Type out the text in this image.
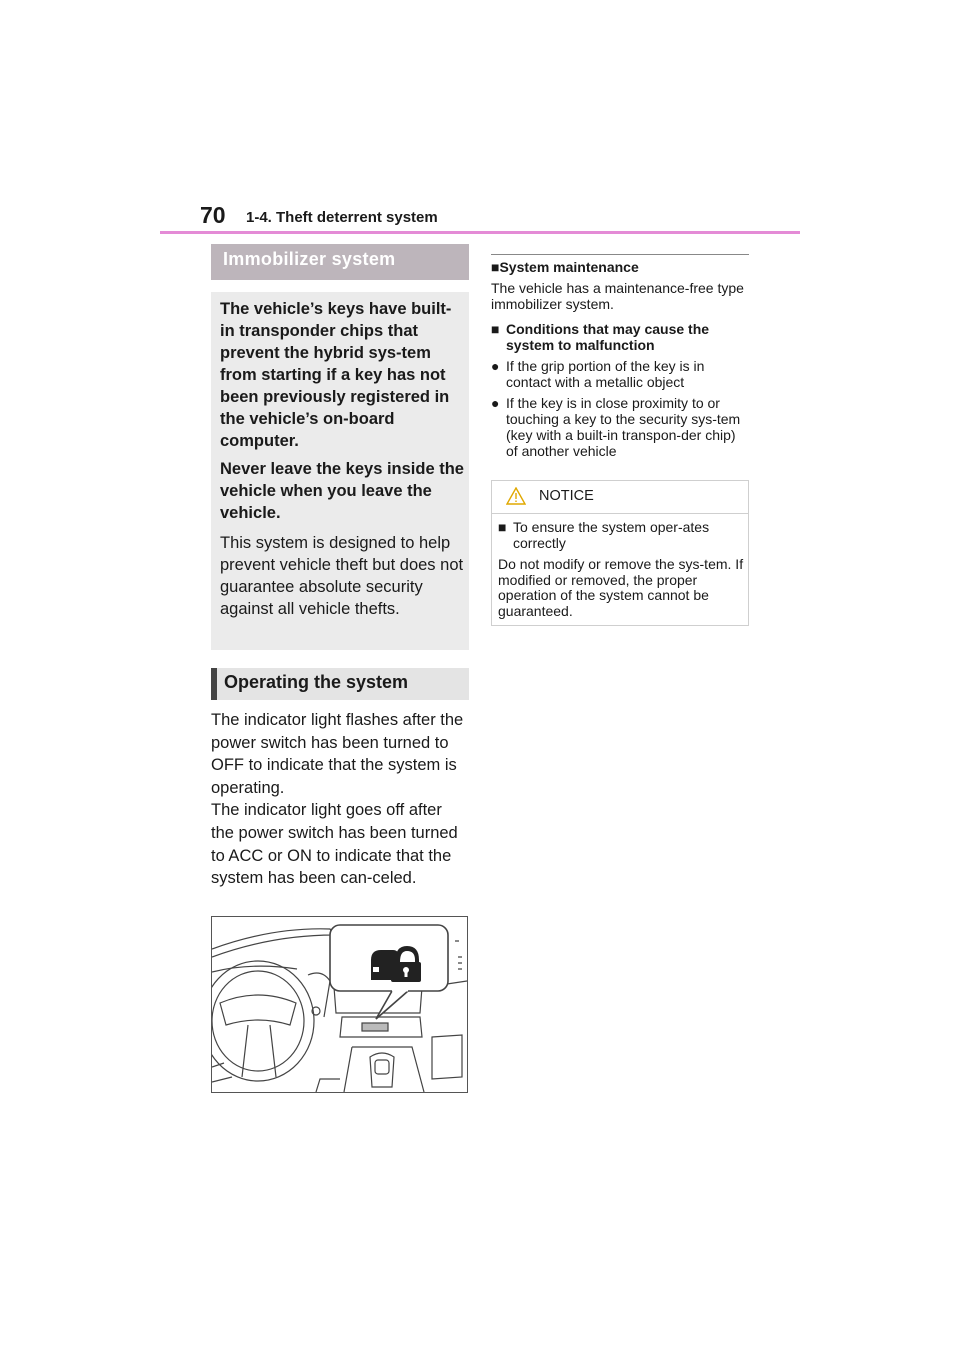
70 1-4. Theft deterrent system
Immobilizer system
The vehicle’s keys have built-in transponder chips that prevent the hybrid sys-tem from starting if a key has not been previously registered in the vehicle’s on-board computer.
Never leave the keys inside the vehicle when you leave the vehicle.
This system is designed to help prevent vehicle theft but does not guarantee absolute security against all vehicle thefts.
Operating the system
The indicator light flashes after the power switch has been turned to OFF to indicate that the system is operating.
The indicator light goes off after the power switch has been turned to ACC or ON to indicate that the system has been can-celed.
■System maintenance
The vehicle has a maintenance-free type immobilizer system.
■ Conditions that may cause the system to malfunction
● If the grip portion of the key is in contact with a metallic object
● If the key is in close proximity to or touching a key to the security sys-tem (key with a built-in transpon-der chip) of another vehicle
NOTICE
■ To ensure the system oper-ates correctly
Do not modify or remove the sys-tem. If modified or removed, the proper operation of the system cannot be guaranteed.
